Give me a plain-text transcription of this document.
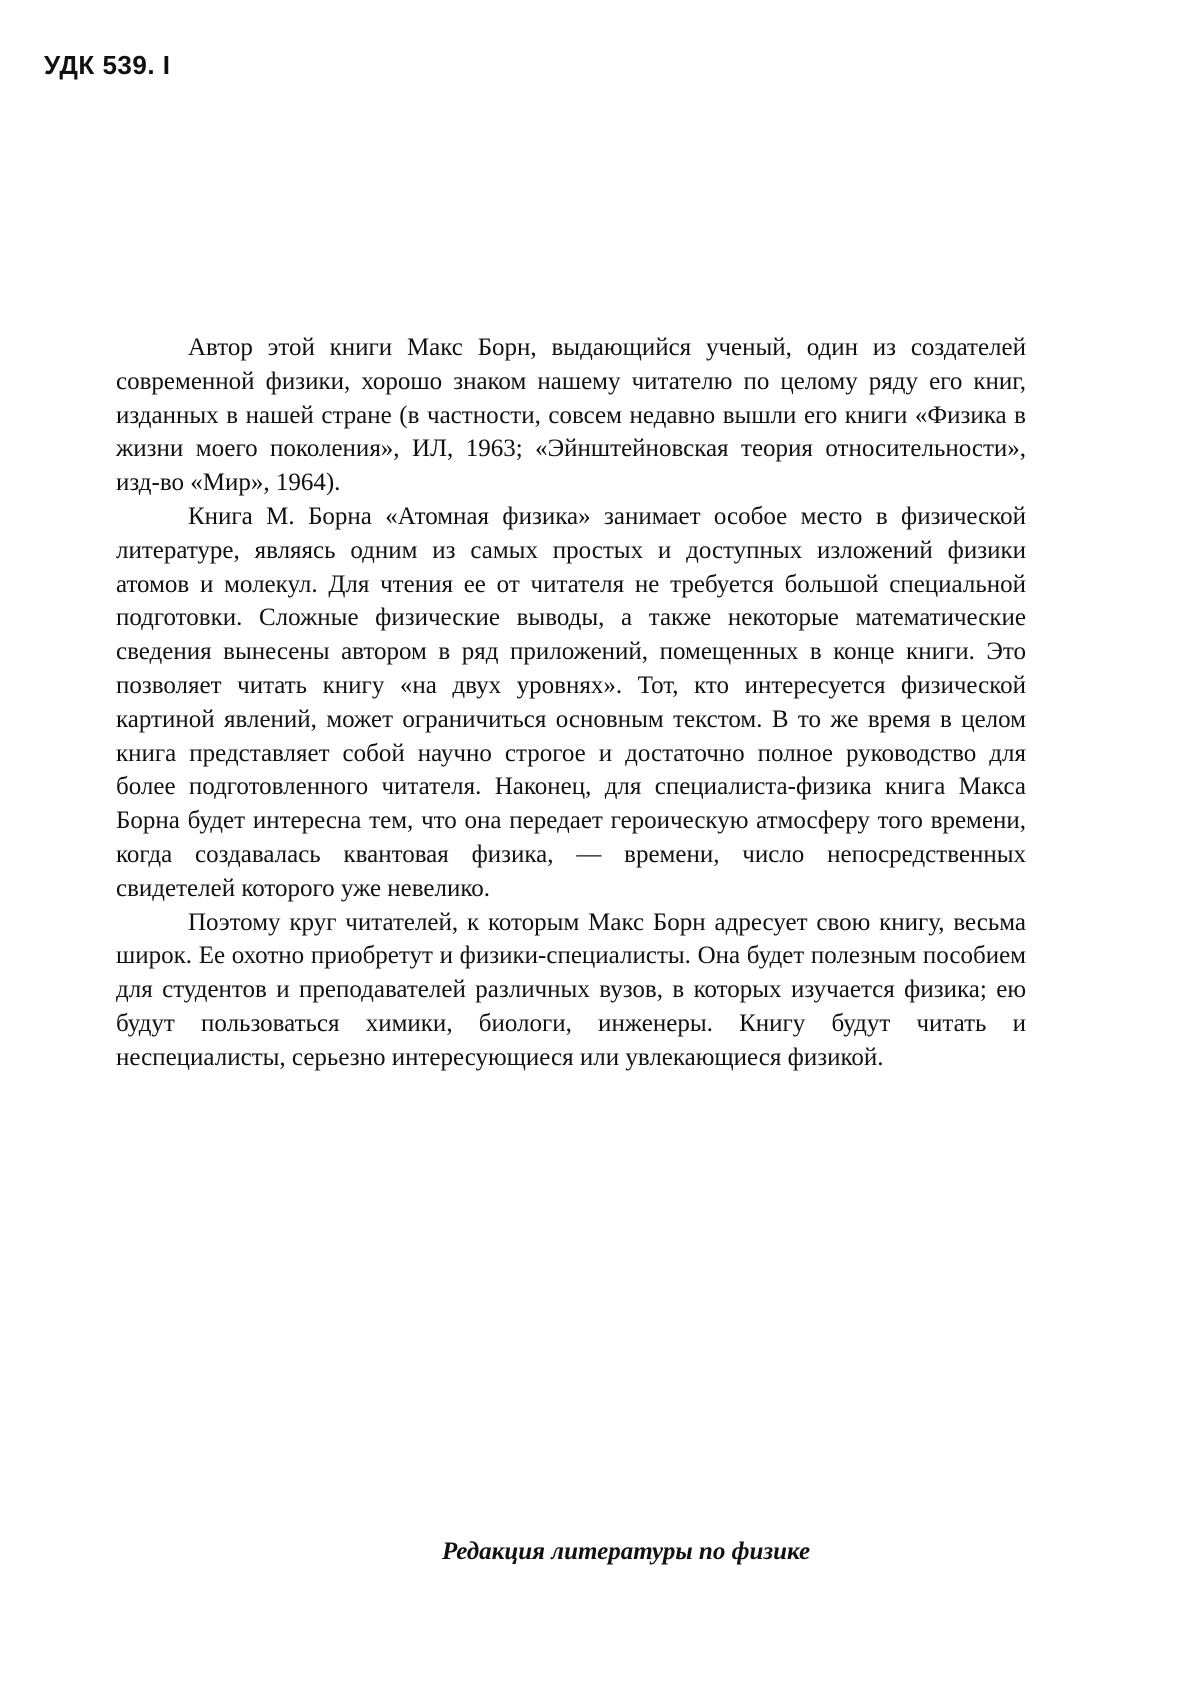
УДК 539. I

Автор этой книги Макс Борн, выдающийся ученый, один из создателей современной физики, хорошо знаком нашему читателю по целому ряду его книг, изданных в нашей стране (в частности, совсем недавно вышли его книги «Физика в жизни моего поколения», ИЛ, 1963; «Эйнштейновская теория относительности», изд-во «Мир», 1964).

Книга М. Борна «Атомная физика» занимает особое место в физической литературе, являясь одним из самых простых и доступных изложений физики атомов и молекул. Для чтения ее от читателя не требуется большой специальной подготовки. Сложные физические выводы, а также некоторые математические сведения вынесены автором в ряд приложений, помещенных в конце книги. Это позволяет читать книгу «на двух уровнях». Тот, кто интересуется физической картиной явлений, может ограничиться основным текстом. В то же время в целом книга представляет собой научно строгое и достаточно полное руководство для более подготовленного читателя. Наконец, для специалиста-физика книга Макса Борна будет интересна тем, что она передает героическую атмосферу того времени, когда создавалась квантовая физика, — времени, число непосредственных свидетелей которого уже невелико.

Поэтому круг читателей, к которым Макс Борн адресует свою книгу, весьма широк. Ее охотно приобретут и физики-специалисты. Она будет полезным пособием для студентов и преподавателей различных вузов, в которых изучается физика; ею будут пользоваться химики, биологи, инженеры. Книгу будут читать и неспециалисты, серьезно интересующиеся или увлекающиеся физикой.

Редакция литературы по физике
